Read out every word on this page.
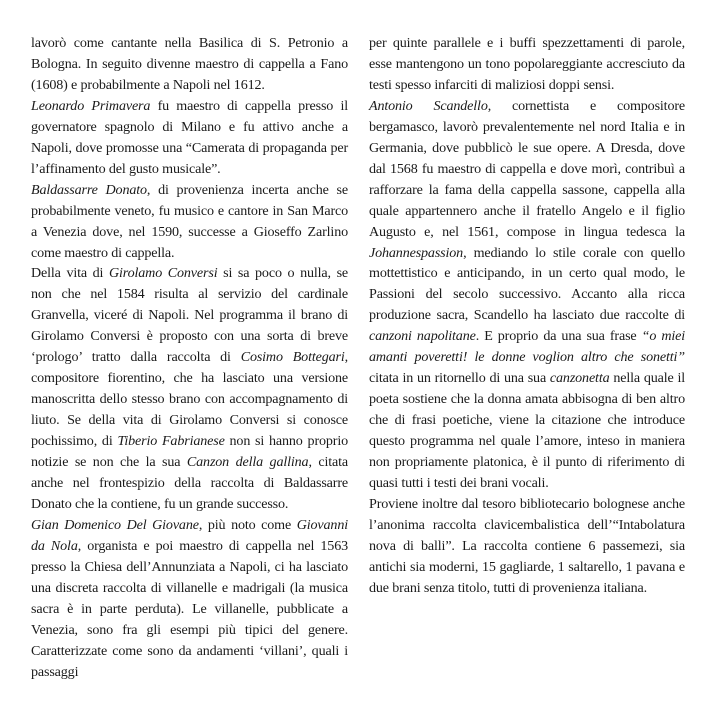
lavorò come cantante nella Basilica di S. Petronio a Bologna. In seguito divenne maestro di cappella a Fano (1608) e probabilmente a Napoli nel 1612.

Leonardo Primavera fu maestro di cappella presso il governatore spagnolo di Milano e fu attivo anche a Napoli, dove promosse una “Camerata di propaganda per l’affinamento del gusto musicale”.

Baldassarre Donato, di provenienza incerta anche se probabilmente veneto, fu musico e cantore in San Marco a Venezia dove, nel 1590, successe a Gioseffo Zarlino come maestro di cappella.

Della vita di Girolamo Conversi si sa poco o nulla, se non che nel 1584 risulta al servizio del cardinale Granvella, viceré di Napoli. Nel programma il brano di Girolamo Conversi è proposto con una sorta di breve ‘prologo’ tratto dalla raccolta di Cosimo Bottegari, compositore fiorentino, che ha lasciato una versione manoscritta dello stesso brano con accompagnamento di liuto. Se della vita di Girolamo Conversi si conosce pochissimo, di Tiberio Fabrianese non si hanno proprio notizie se non che la sua Canzon della gallina, citata anche nel frontespizio della raccolta di Baldassarre Donato che la contiene, fu un grande successo.

Gian Domenico Del Giovane, più noto come Giovanni da Nola, organista e poi maestro di cappella nel 1563 presso la Chiesa dell’Annunziata a Napoli, ci ha lasciato una discreta raccolta di villanelle e madrigali (la musica sacra è in parte perduta). Le villanelle, pubblicate a Venezia, sono fra gli esempi più tipici del genere. Caratterizzate come sono da andamenti ‘villani’, quali i passaggi

per quinte parallele e i buffi spezzettamenti di parole, esse mantengono un tono popolareggiante accresciuto da testi spesso infarciti di maliziosi doppi sensi.

Antonio Scandello, cornettista e compositore bergamasco, lavorò prevalentemente nel nord Italia e in Germania, dove pubblicò le sue opere. A Dresda, dove dal 1568 fu maestro di cappella e dove morì, contribuì a rafforzare la fama della cappella sassone, cappella alla quale appartennero anche il fratello Angelo e il figlio Augusto e, nel 1561, compose in lingua tedesca la Johannespassion, mediando lo stile corale con quello mottettistico e anticipando, in un certo qual modo, le Passioni del secolo successivo. Accanto alla ricca produzione sacra, Scandello ha lasciato due raccolte di canzoni napolitane. E proprio da una sua frase “o miei amanti poveretti! le donne voglion altro che sonetti” citata in un ritornello di una sua canzonetta nella quale il poeta sostiene che la donna amata abbisogna di ben altro che di frasi poetiche, viene la citazione che introduce questo programma nel quale l’amore, inteso in maniera non propriamente platonica, è il punto di riferimento di quasi tutti i testi dei brani vocali.

Proviene inoltre dal tesoro bibliotecario bolognese anche l’anonima raccolta clavicembalistica dell’“Intabolatura nova di balli”. La raccolta contiene 6 passemezi, sia antichi sia moderni, 15 gagliarde, 1 saltarello, 1 pavana e due brani senza titolo, tutti di provenienza italiana.
